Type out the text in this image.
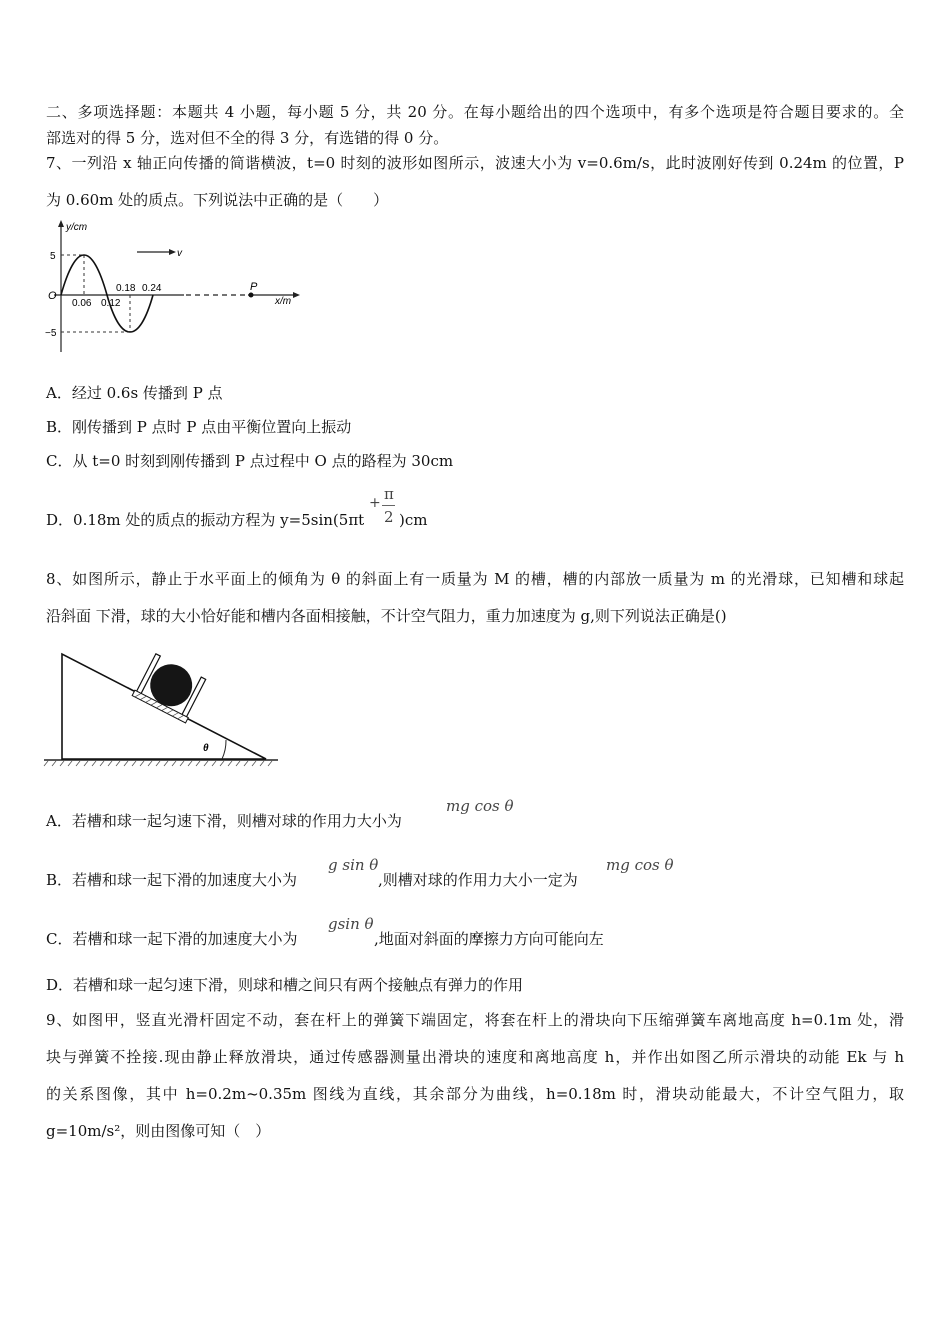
二、多项选择题：本题共 4 小题，每小题 5 分，共 20 分。在每小题给出的四个选项中，有多个选项是符合题目要求的。全
部选对的得 5 分，选对但不全的得 3 分，有选错的得 0 分。
7、一列沿 x 轴正向传播的简谐横波，t=0 时刻的波形如图所示，波速大小为 v=0.6m/s，此时波刚好传到 0.24m 的位置，P
为 0.60m 处的质点。下列说法中正确的是（　　）
y/cm
x/m
O
5
−5
0.06 0.12
0.18 0.24
v
P
A．经过 0.6s 传播到 P 点
B．刚传播到 P 点时 P 点由平衡位置向上振动
C．从 t=0 时刻到刚传播到 P 点过程中 O 点的路程为 30cm
D．0.18m 处的质点的振动方程为 y=5sin(5πt
+ π
2 )cm
8、如图所示，静止于水平面上的倾角为 θ 的斜面上有一质量为 M 的槽，槽的内部放一质量为 m 的光滑球，已知槽和球起
沿斜面 下滑，球的大小恰好能和槽内各面相接触，不计空气阻力，重力加速度为 g,则下列说法正确是()
θ
A．若槽和球一起匀速下滑，则槽对球的作用力大小为
mg cos θ
B．若槽和球一起下滑的加速度大小为
g sin θ
,则槽对球的作用力大小一定为
mg cos θ
C．若槽和球一起下滑的加速度大小为
gsin θ
,地面对斜面的摩擦力方向可能向左
D．若槽和球一起匀速下滑，则球和槽之间只有两个接触点有弹力的作用
9、如图甲，竖直光滑杆固定不动，套在杆上的弹簧下端固定，将套在杆上的滑块向下压缩弹簧车离地高度 h=0.1m 处，滑
块与弹簧不拴接.现由静止释放滑块，通过传感器测量出滑块的速度和离地高度 h，并作出如图乙所示滑块的动能 Ek 与 h
的关系图像，其中 h=0.2m~0.35m 图线为直线，其余部分为曲线，h=0.18m 时，滑块动能最大，不计空气阻力，取
g=10m/s²，则由图像可知（　）
